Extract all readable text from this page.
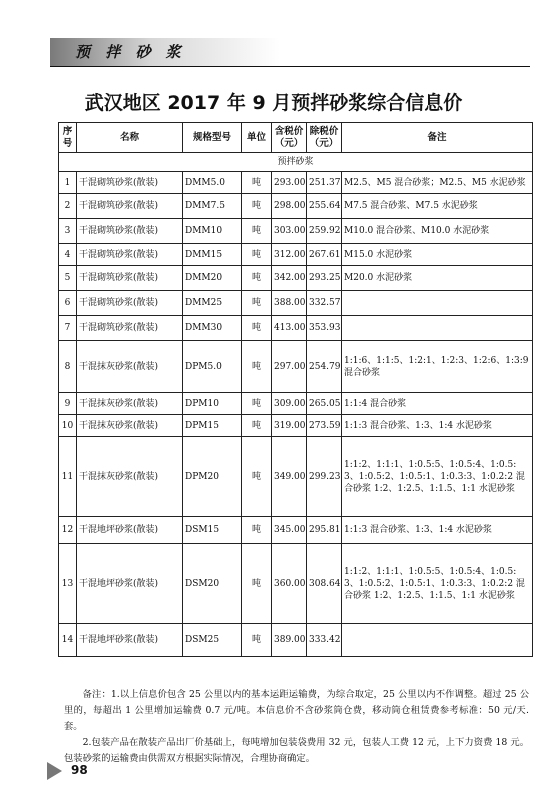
预 拌 砂 浆
武汉地区 2017 年 9 月预拌砂浆综合信息价
序号	名称	规格型号	单位	含税价（元）	除税价（元）	备注
预拌砂浆						
1	干混砌筑砂浆(散装)	DMM5.0	吨	293.00	251.37	M2.5、M5 混合砂浆；M2.5、M5 水泥砂浆
2	干混砌筑砂浆(散装)	DMM7.5	吨	298.00	255.64	M7.5 混合砂浆、M7.5 水泥砂浆
3	干混砌筑砂浆(散装)	DMM10	吨	303.00	259.92	M10.0 混合砂浆、M10.0 水泥砂浆
4	干混砌筑砂浆(散装)	DMM15	吨	312.00	267.61	M15.0 水泥砂浆
5	干混砌筑砂浆(散装)	DMM20	吨	342.00	293.25	M20.0 水泥砂浆
6	干混砌筑砂浆(散装)	DMM25	吨	388.00	332.57	
7	干混砌筑砂浆(散装)	DMM30	吨	413.00	353.93	
8	干混抹灰砂浆(散装)	DPM5.0	吨	297.00	254.79	1:1:6、1:1:5、1:2:1、1:2:3、1:2:6、1:3:9 混合砂浆
9	干混抹灰砂浆(散装)	DPM10	吨	309.00	265.05	1:1:4 混合砂浆
10	干混抹灰砂浆(散装)	DPM15	吨	319.00	273.59	1:1:3 混合砂浆、1:3、1:4 水泥砂浆
11	干混抹灰砂浆(散装)	DPM20	吨	349.00	299.23	1:1:2、1:1:1、1:0.5:5、1:0.5:4、1:0.5:3、1:0.5:2、1:0.5:1、1:0.3:3、1:0.2:2 混合砂浆 1:2、1:2.5、1:1.5、1:1 水泥砂浆
12	干混地坪砂浆(散装)	DSM15	吨	345.00	295.81	1:1:3 混合砂浆、1:3、1:4 水泥砂浆
13	干混地坪砂浆(散装)	DSM20	吨	360.00	308.64	1:1:2、1:1:1、1:0.5:5、1:0.5:4、1:0.5:3、1:0.5:2、1:0.5:1、1:0.3:3、1:0.2:2 混合砂浆 1:2、1:2.5、1:1.5、1:1 水泥砂浆
14	干混地坪砂浆(散装)	DSM25	吨	389.00	333.42	

备注：1.以上信息价包含 25 公里以内的基本运距运输费，为综合取定，25 公里以内不作调整。超过 25 公里的，每超出 1 公里增加运输费 0.7 元/吨。本信息价不含砂浆筒仓费，移动筒仓租赁费参考标准：50 元/天.套。

2.包装产品在散装产品出厂价基础上，每吨增加包装袋费用 32 元，包装人工费 12 元，上下力资费 18 元。包装砂浆的运输费由供需双方根据实际情况，合理协商确定。

98
